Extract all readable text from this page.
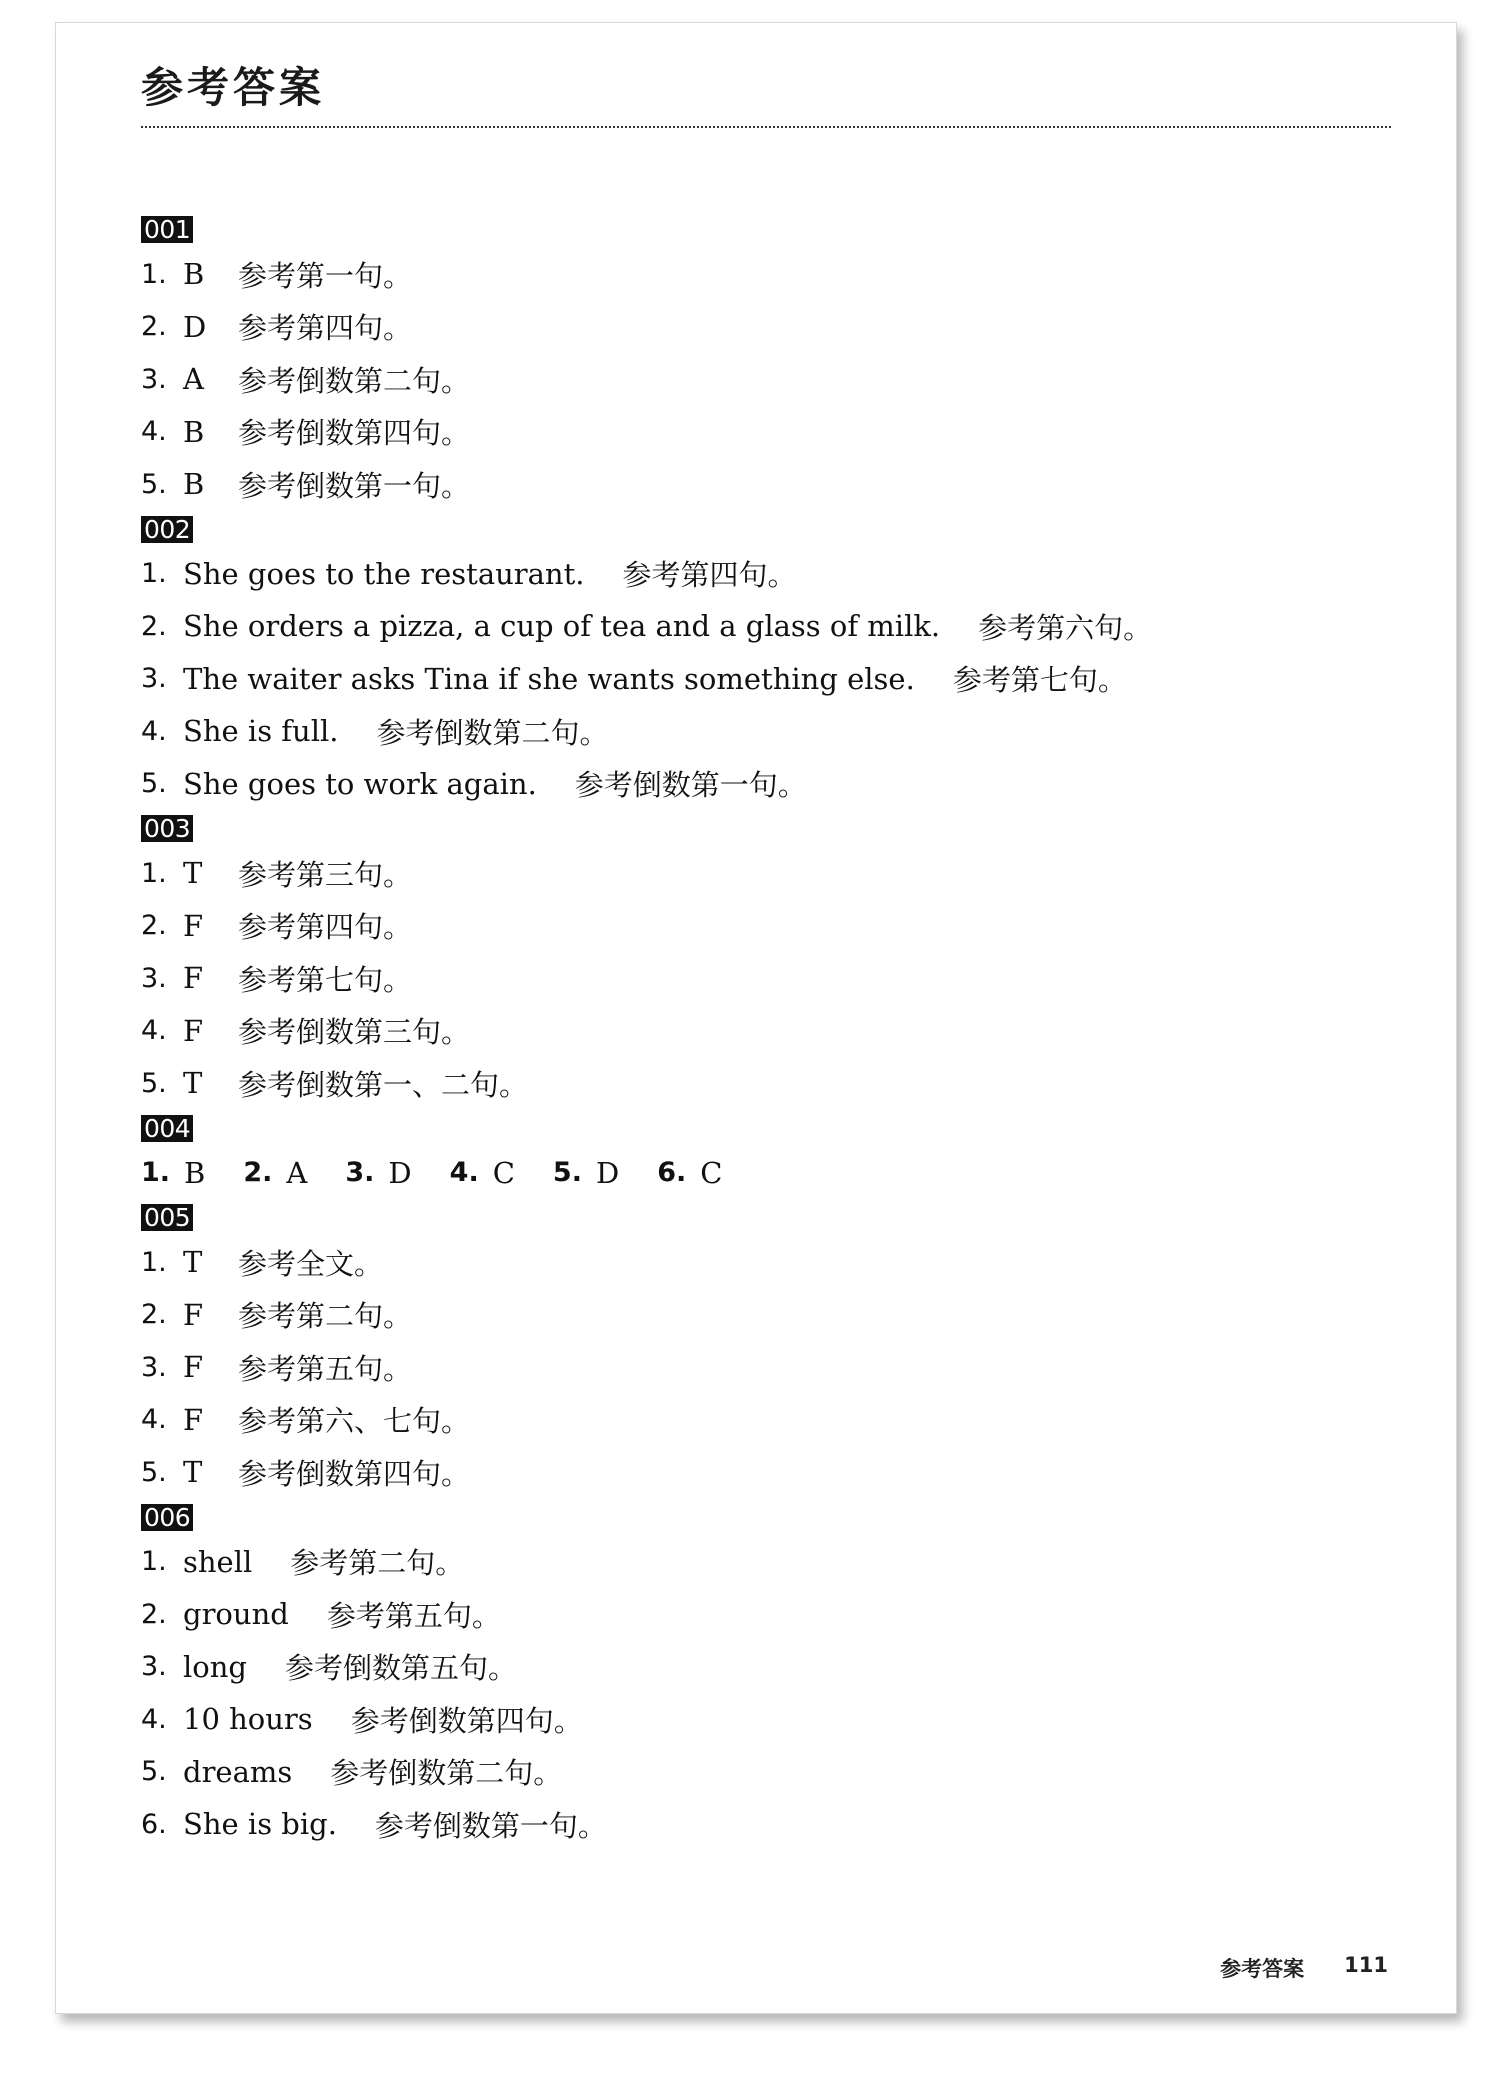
参考答案
001
1. B	参考第一句。
2. D	参考第四句。
3. A	参考倒数第二句。
4. B	参考倒数第四句。
5. B	参考倒数第一句。
002
1. She goes to the restaurant. 参考第四句。
2. She orders a pizza, a cup of tea and a glass of milk. 参考第六句。
3. The waiter asks Tina if she wants something else. 参考第七句。
4. She is full. 参考倒数第二句。
5. She goes to work again. 参考倒数第一句。
003
1. T	参考第三句。
2. F	参考第四句。
3. F	参考第七句。
4. F	参考倒数第三句。
5. T	参考倒数第一、二句。
004
1. B 2. A 3. D 4. C 5. D 6. C
005
1. T	参考全文。
2. F	参考第二句。
3. F	参考第五句。
4. F	参考第六、七句。
5. T	参考倒数第四句。
006
1. shell 参考第二句。
2. ground 参考第五句。
3. long 参考倒数第五句。
4. 10 hours 参考倒数第四句。
5. dreams 参考倒数第二句。
6. She is big. 参考倒数第一句。
参考答案 111
